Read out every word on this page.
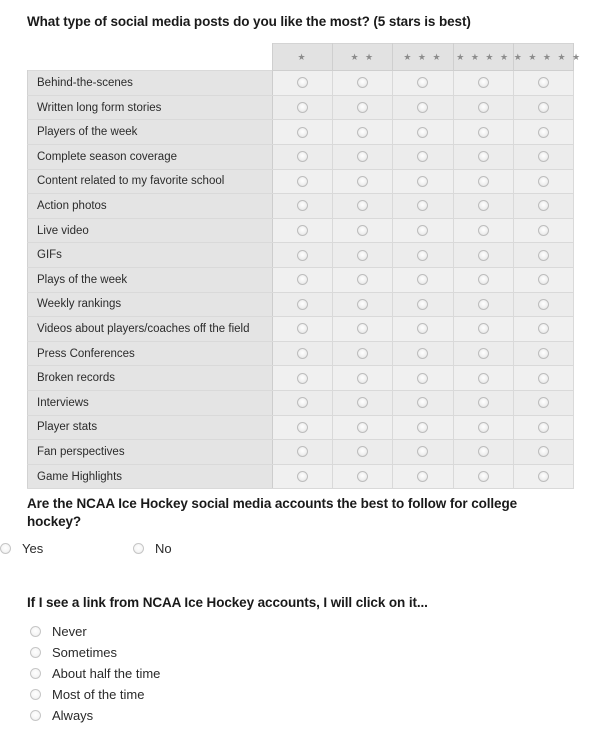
What type of social media posts do you like the most? (5 stars is best)
	★	★ ★	★ ★ ★	★ ★ ★ ★	★ ★ ★ ★ ★
Behind-the-scenes					
Written long form stories					
Players of the week					
Complete season coverage					
Content related to my favorite school					
Action photos					
Live video					
GIFs					
Plays of the week					
Weekly rankings					
Videos about players/coaches off the field					
Press Conferences					
Broken records					
Interviews					
Player stats					
Fan perspectives					
Game Highlights					
Are the NCAA Ice Hockey social media accounts the best to follow for college hockey?
Yes	No
If I see a link from NCAA Ice Hockey accounts, I will click on it...
Never
Sometimes
About half the time
Most of the time
Always
